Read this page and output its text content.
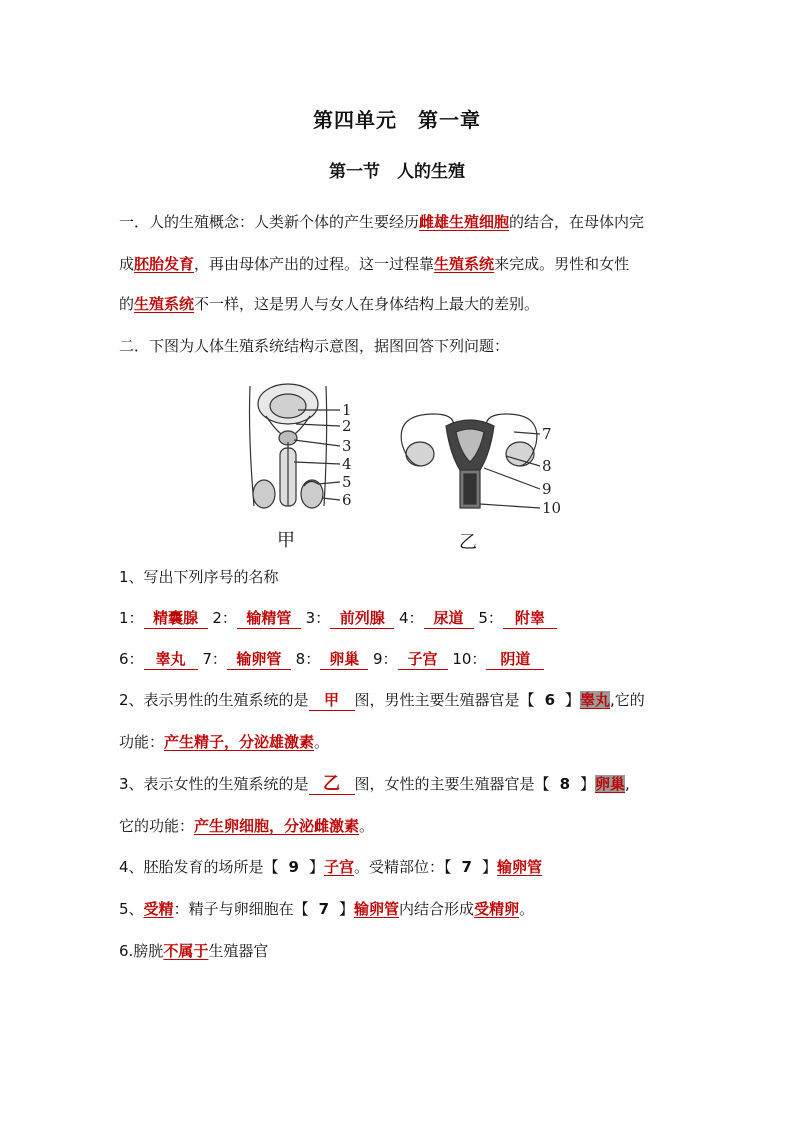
第四单元　第一章
第一节　人的生殖
一．人的生殖概念：人类新个体的产生要经历雌雄生殖细胞的结合，在母体内完
成胚胎发育，再由母体产出的过程。这一过程靠生殖系统来完成。男性和女性
的生殖系统不一样，这是男人与女人在身体结构上最大的差别。
二．下图为人体生殖系统结构示意图，据图回答下列问题：
1
2
3
4
5
6
甲
7
8
9
10
乙
1、写出下列序号的名称
1： 精囊腺 2： 输精管 3： 前列腺 4： 尿道 5： 附睾
6： 睾丸 7： 输卵管 8： 卵巢 9： 子宫 10： 阴道
2、表示男性的生殖系统的是 甲 图，男性主要生殖器官是【 6 】睾丸,它的
功能：产生精子，分泌雄激素。
3、表示女性的生殖系统的是 乙 图，女性的主要生殖器官是【 8 】卵巢,
它的功能：产生卵细胞，分泌雌激素。
4、胚胎发育的场所是【 9 】子宫。受精部位：【 7 】输卵管
5、受精：精子与卵细胞在【 7 】输卵管内结合形成受精卵。
6.膀胱不属于生殖器官
